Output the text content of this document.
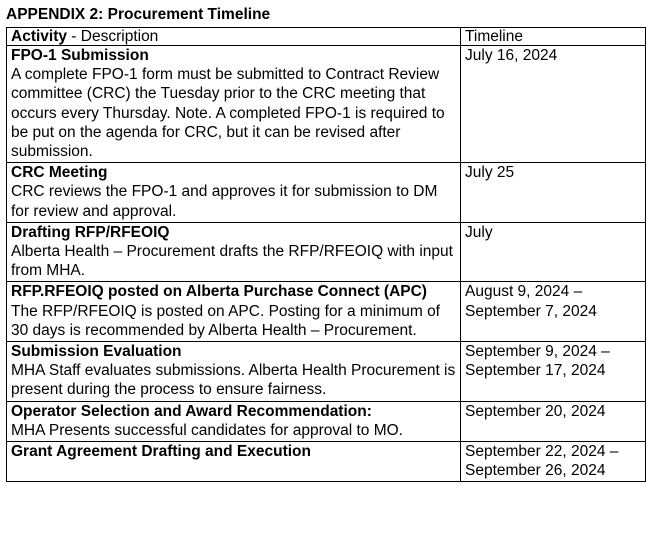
APPENDIX 2: Procurement Timeline
Activity - Description	Timeline

FPO-1 Submission
A complete FPO-1 form must be submitted to Contract Review committee (CRC) the Tuesday prior to the CRC meeting that occurs every Thursday. Note. A completed FPO-1 is required to be put on the agenda for CRC, but it can be revised after submission.	July 16, 2024

CRC Meeting
CRC reviews the FPO-1 and approves it for submission to DM for review and approval.	July 25

Drafting RFP/RFEOIQ
Alberta Health – Procurement drafts the RFP/RFEOIQ with input from MHA.	July

RFP.RFEOIQ posted on Alberta Purchase Connect (APC)
The RFP/RFEOIQ is posted on APC. Posting for a minimum of 30 days is recommended by Alberta Health – Procurement.	August 9, 2024 – September 7, 2024

Submission Evaluation
MHA Staff evaluates submissions. Alberta Health Procurement is present during the process to ensure fairness.	September 9, 2024 – September 17, 2024

Operator Selection and Award Recommendation:
MHA Presents successful candidates for approval to MO.	September 20, 2024

Grant Agreement Drafting and Execution	September 22, 2024 – September 26, 2024
